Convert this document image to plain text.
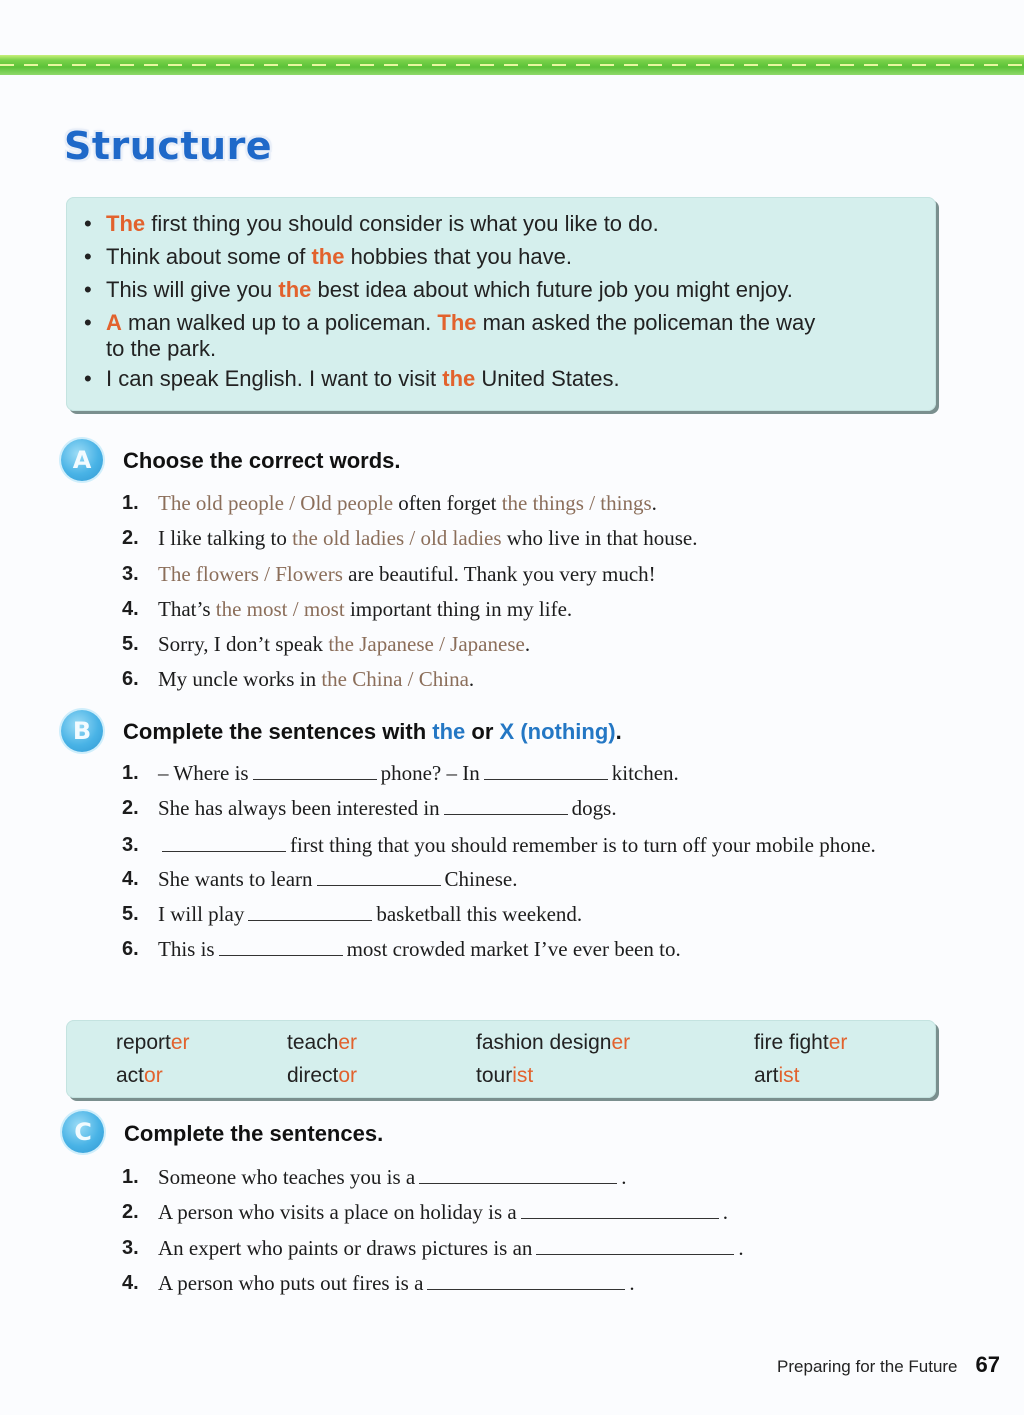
Structure
• The first thing you should consider is what you like to do.
• Think about some of the hobbies that you have.
• This will give you the best idea about which future job you might enjoy.
• A man walked up to a policeman. The man asked the policeman the way
to the park.
• I can speak English. I want to visit the United States.
A	Choose the correct words.
1. The old people / Old people often forget the things / things.
2. I like talking to the old ladies / old ladies who live in that house.
3. The flowers / Flowers are beautiful. Thank you very much!
4. That’s the most / most important thing in my life.
5. Sorry, I don’t speak the Japanese / Japanese.
6. My uncle works in the China / China.
B	Complete the sentences with the or X (nothing).
1. – Where is	phone? – In	kitchen.
2. She has always been interested in	dogs.
3.	first thing that you should remember is to turn off your mobile phone.
4. She wants to learn	Chinese.
5. I will play	basketball this weekend.
6. This is	most crowded market I’ve ever been to.
reporter	teacher	fashion designer	fire fighter
actor	director	tourist	artist
C	Complete the sentences.
1. Someone who teaches you is a	.
2. A person who visits a place on holiday is a	.
3. An expert who paints or draws pictures is an	.
4. A person who puts out fires is a	.
Preparing for the Future 67
